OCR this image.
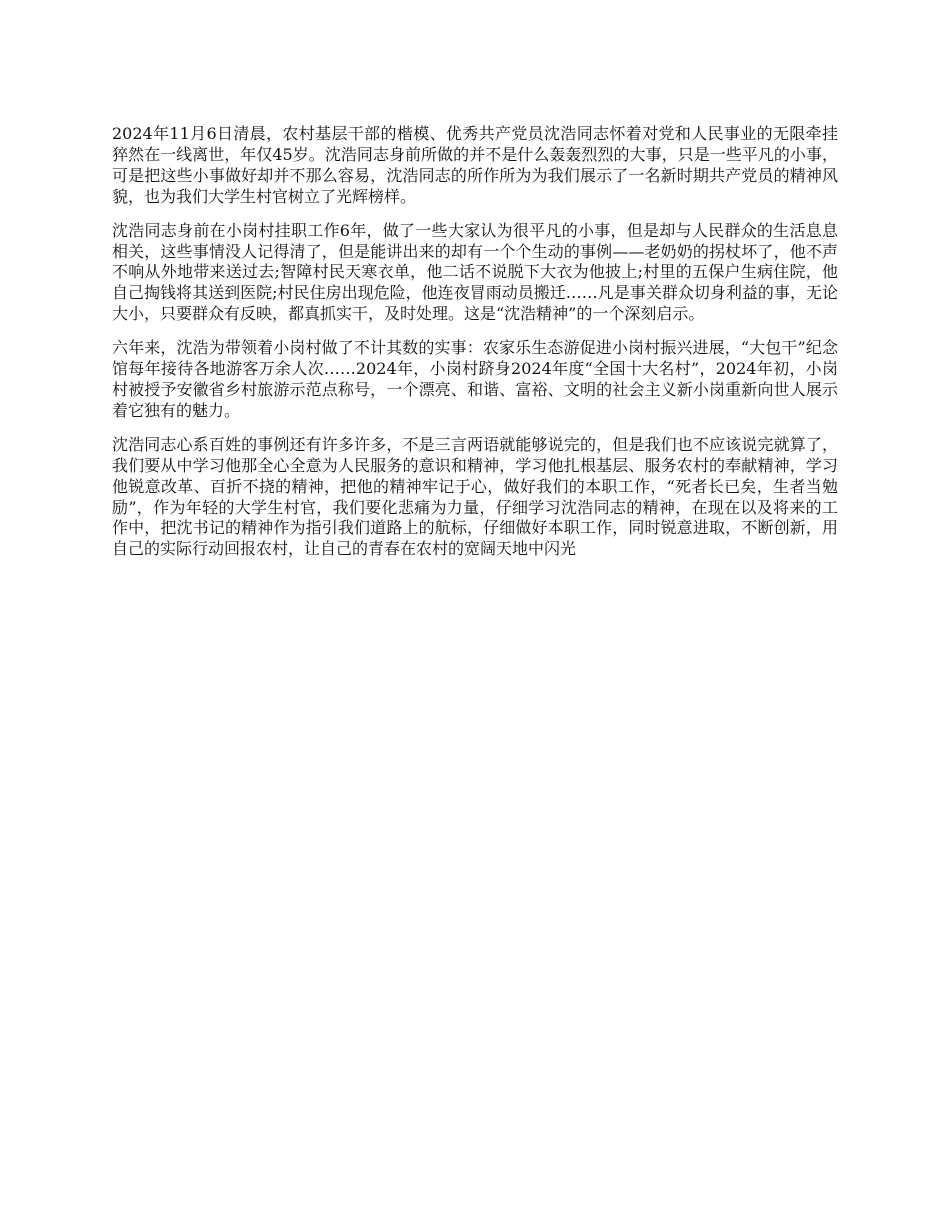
2024年11月6日清晨，农村基层干部的楷模、优秀共产党员沈浩同志怀着对党和人民事业的无限牵挂猝然在一线离世，年仅45岁。沈浩同志身前所做的并不是什么轰轰烈烈的大事，只是一些平凡的小事，可是把这些小事做好却并不那么容易，沈浩同志的所作所为为我们展示了一名新时期共产党员的精神风貌，也为我们大学生村官树立了光辉榜样。

沈浩同志身前在小岗村挂职工作6年，做了一些大家认为很平凡的小事，但是却与人民群众的生活息息相关，这些事情没人记得清了，但是能讲出来的却有一个个生动的事例——老奶奶的拐杖坏了，他不声不响从外地带来送过去;智障村民天寒衣单，他二话不说脱下大衣为他披上;村里的五保户生病住院，他自己掏钱将其送到医院;村民住房出现危险，他连夜冒雨动员搬迁……凡是事关群众切身利益的事，无论大小，只要群众有反映，都真抓实干，及时处理。这是“沈浩精神”的一个深刻启示。

六年来，沈浩为带领着小岗村做了不计其数的实事：农家乐生态游促进小岗村振兴进展，“大包干”纪念馆每年接待各地游客万余人次……2024年，小岗村跻身2024年度“全国十大名村”，2024年初，小岗村被授予安徽省乡村旅游示范点称号，一个漂亮、和谐、富裕、文明的社会主义新小岗重新向世人展示着它独有的魅力。

沈浩同志心系百姓的事例还有许多许多，不是三言两语就能够说完的，但是我们也不应该说完就算了，我们要从中学习他那全心全意为人民服务的意识和精神，学习他扎根基层、服务农村的奉献精神，学习他锐意改革、百折不挠的精神，把他的精神牢记于心，做好我们的本职工作，“死者长已矣，生者当勉励”，作为年轻的大学生村官，我们要化悲痛为力量，仔细学习沈浩同志的精神，在现在以及将来的工作中，把沈书记的精神作为指引我们道路上的航标，仔细做好本职工作，同时锐意进取，不断创新，用自己的实际行动回报农村，让自己的青春在农村的宽阔天地中闪光
